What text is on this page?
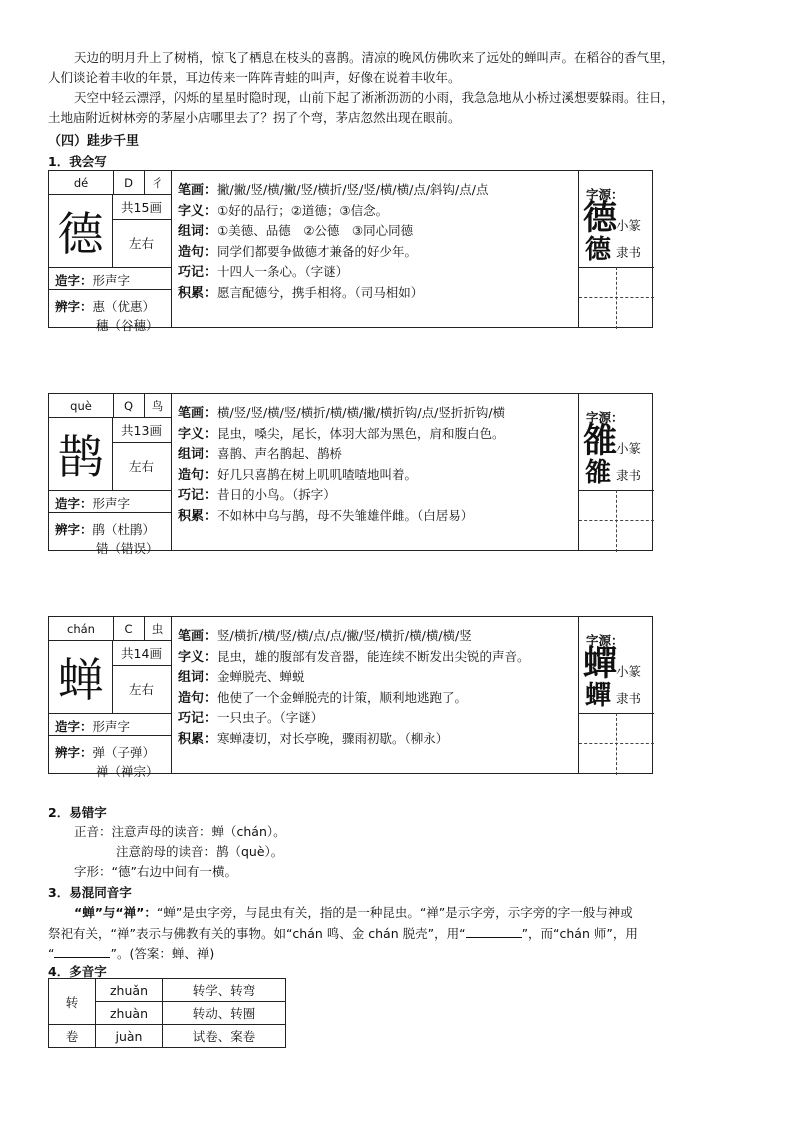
天边的明月升上了树梢，惊飞了栖息在枝头的喜鹊。清凉的晚风仿佛吹来了远处的蝉叫声。在稻谷的香气里，
人们谈论着丰收的年景，耳边传来一阵阵青蛙的叫声，好像在说着丰收年。

天空中轻云漂浮，闪烁的星星时隐时现，山前下起了淅淅沥沥的小雨，我急急地从小桥过溪想要躲雨。往日，
土地庙附近树林旁的茅屋小店哪里去了？拐了个弯，茅店忽然出现在眼前。

（四）跬步千里
1．我会写
dé	D	彳
德	共15画
左右
造字：形声字
辨字：惠（优惠）
穗（谷穗）
笔画：撇/撇/竖/横/撇/竖/横折/竖/竖/横/横/点/斜钩/点/点
字义：①好的品行；②道德；③信念。
组词：①美德、品德　②公德　③同心同德
造句：同学们都要争做德才兼备的好少年。
巧记：十四人一条心。（字谜）
积累：愿言配德兮，携手相将。（司马相如）
字源：
德 小篆
德 隶书
què	Q	鸟
鹊	共13画
左右
造字：形声字
辨字：鹃（杜鹃）
错（错误）
笔画：横/竖/竖/横/竖/横折/横/横/撇/横折钩/点/竖折折钩/横
字义：昆虫，嗓尖，尾长，体羽大部为黑色，肩和腹白色。
组词：喜鹊、声名鹊起、鹊桥
造句：好几只喜鹊在树上叽叽喳喳地叫着。
巧记：昔日的小鸟。（拆字）
积累：不如林中乌与鹊，母不失雏雄伴雌。（白居易）
字源：
雒 小篆
雒 隶书
chán	C	虫
蝉	共14画
左右
造字：形声字
辨字：弹（子弹）
禅（禅宗）
笔画：竖/横折/横/竖/横/点/点/撇/竖/横折/横/横/横/竖
字义：昆虫，雄的腹部有发音器，能连续不断发出尖锐的声音。
组词：金蝉脱壳、蝉蜕
造句：他使了一个金蝉脱壳的计策，顺利地逃跑了。
巧记：一只虫子。（字谜）
积累：寒蝉凄切，对长亭晚，骤雨初歇。（柳永）
字源：
蟬 小篆
蟬 隶书
2．易错字
正音：注意声母的读音：蝉（chán）。
注意韵母的读音：鹊（què）。
字形：“德”右边中间有一横。
3．易混同音字
“蝉”与“禅”：“蝉”是虫字旁，与昆虫有关，指的是一种昆虫。“禅”是示字旁，示字旁的字一般与神或
祭祀有关，“禅”表示与佛教有关的事物。如“chán 鸣、金 chán 脱壳”，用“	”，而“chán 师”，用
“	”。(答案：蝉、禅)
4．多音字
转	zhuǎn	转学、转弯
	zhuàn	转动、转圈
卷	juàn	试卷、案卷
